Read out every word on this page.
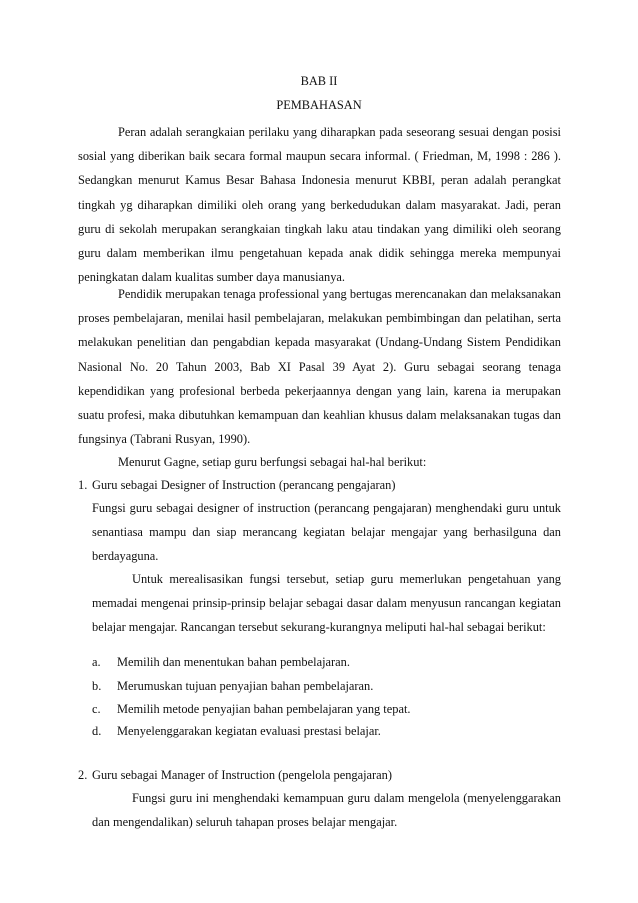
BAB II
PEMBAHASAN

Peran adalah serangkaian perilaku yang diharapkan pada seseorang sesuai dengan posisi sosial yang diberikan baik secara formal maupun secara informal. ( Friedman, M, 1998 : 286 ). Sedangkan menurut Kamus Besar Bahasa Indonesia menurut KBBI, peran adalah perangkat tingkah yg diharapkan dimiliki oleh orang yang berkedudukan dalam masyarakat. Jadi, peran guru di sekolah merupakan serangkaian tingkah laku atau tindakan yang dimiliki oleh seorang guru dalam memberikan ilmu pengetahuan kepada anak didik sehingga mereka mempunyai peningkatan dalam kualitas sumber daya manusianya.

Pendidik merupakan tenaga professional yang bertugas merencanakan dan melaksanakan proses pembelajaran, menilai hasil pembelajaran, melakukan pembimbingan dan pelatihan, serta melakukan penelitian dan pengabdian kepada masyarakat (Undang-Undang Sistem Pendidikan Nasional No. 20 Tahun 2003, Bab XI Pasal 39 Ayat 2). Guru sebagai seorang tenaga kependidikan yang profesional berbeda pekerjaannya dengan yang lain, karena ia merupakan suatu profesi, maka dibutuhkan kemampuan dan keahlian khusus dalam melaksanakan tugas dan fungsinya (Tabrani Rusyan, 1990).

Menurut Gagne, setiap guru berfungsi sebagai hal-hal berikut:

1. Guru sebagai Designer of Instruction (perancang pengajaran)

Fungsi guru sebagai designer of instruction (perancang pengajaran) menghendaki guru untuk senantiasa mampu dan siap merancang kegiatan belajar mengajar yang berhasilguna dan berdayaguna.

Untuk merealisasikan fungsi tersebut, setiap guru memerlukan pengetahuan yang memadai mengenai prinsip-prinsip belajar sebagai dasar dalam menyusun rancangan kegiatan belajar mengajar. Rancangan tersebut sekurang-kurangnya meliputi hal-hal sebagai berikut:

a. Memilih dan menentukan bahan pembelajaran.
b. Merumuskan tujuan penyajian bahan pembelajaran.
c. Memilih metode penyajian bahan pembelajaran yang tepat.
d. Menyelenggarakan kegiatan evaluasi prestasi belajar.
2. Guru sebagai Manager of Instruction (pengelola pengajaran)

Fungsi guru ini menghendaki kemampuan guru dalam mengelola (menyelenggarakan dan mengendalikan) seluruh tahapan proses belajar mengajar.
